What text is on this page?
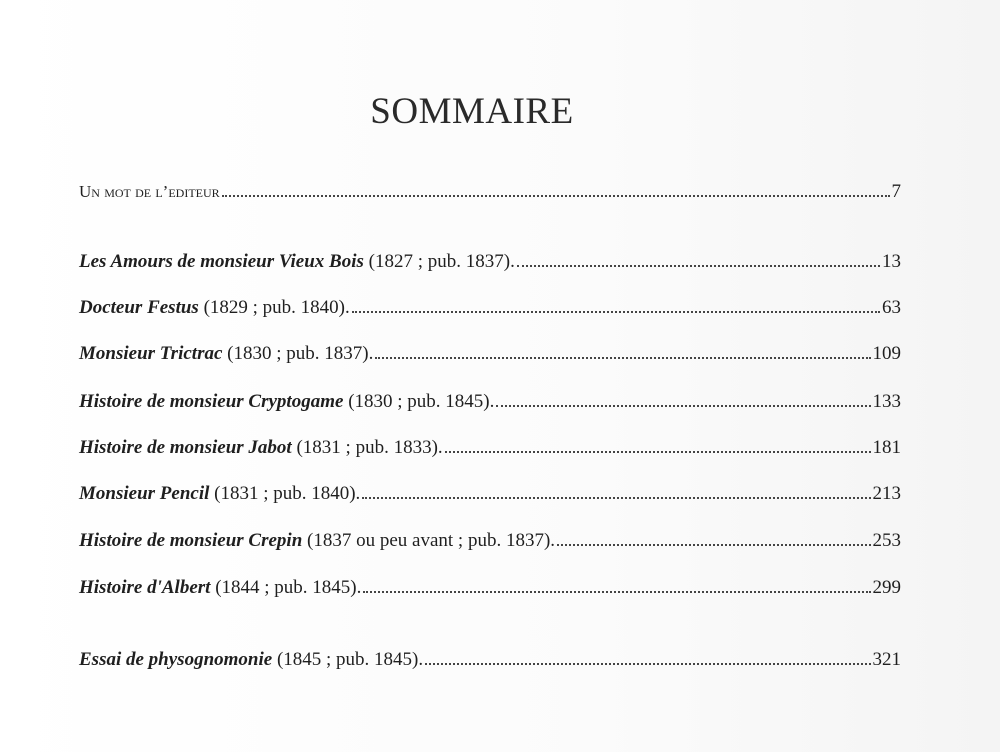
SOMMAIRE
Un mot de l’editeur	7
Les Amours de monsieur Vieux Bois (1827 ; pub. 1837).	13
Docteur Festus (1829 ; pub. 1840).	63
Monsieur Trictrac (1830 ; pub. 1837).	109
Histoire de monsieur Cryptogame (1830 ; pub. 1845).	133
Histoire de monsieur Jabot (1831 ; pub. 1833).	181
Monsieur Pencil (1831 ; pub. 1840).	213
Histoire de monsieur Crepin (1837 ou peu avant ; pub. 1837).	253
Histoire d'Albert (1844 ; pub. 1845).	299
Essai de physognomonie (1845 ; pub. 1845).	321
